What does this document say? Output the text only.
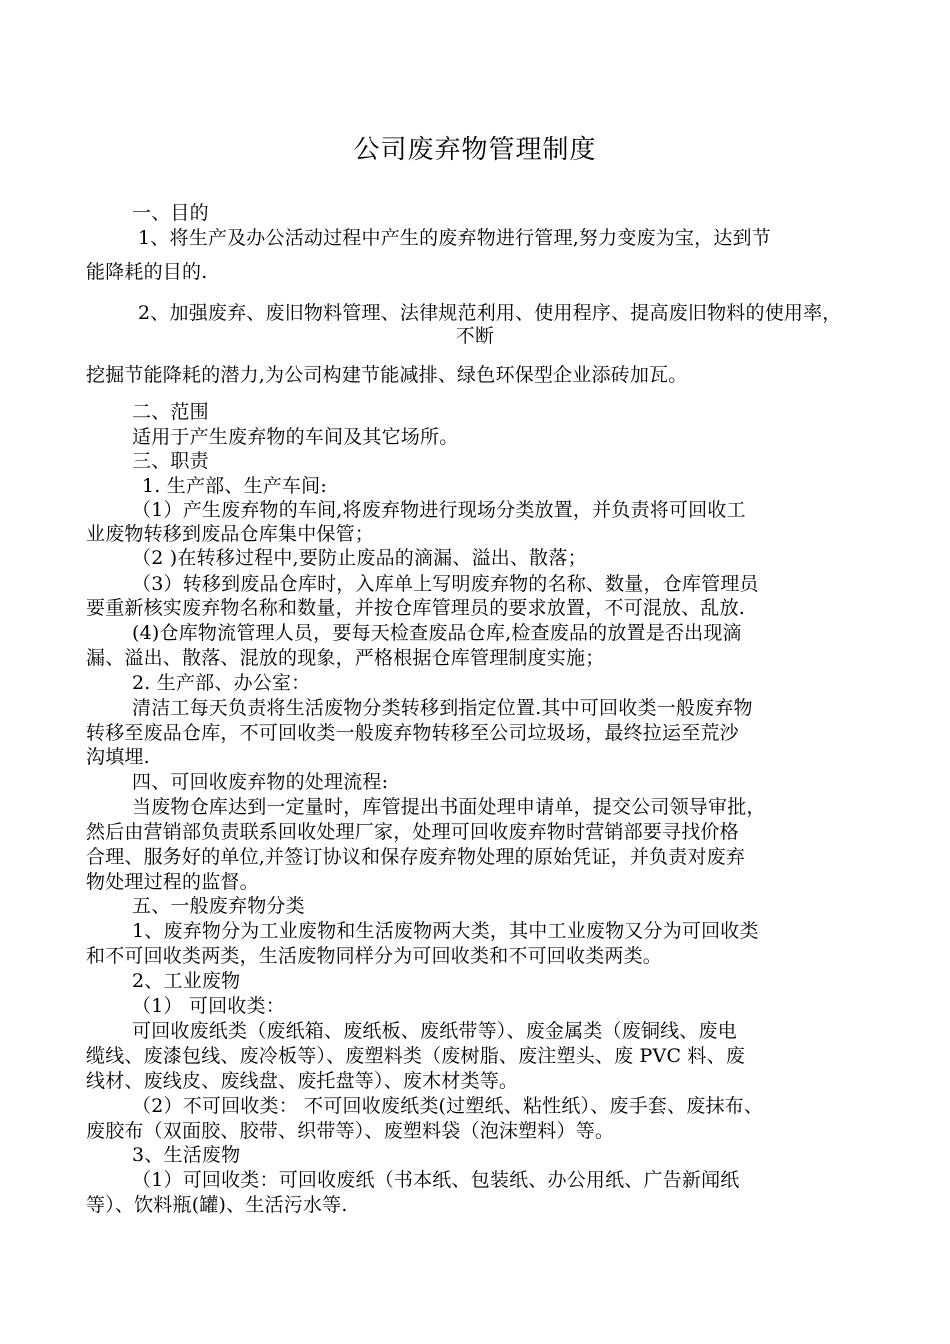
公司废弃物管理制度
一、目的
1、将生产及办公活动过程中产生的废弃物进行管理,努力变废为宝，达到节
能降耗的目的.
2、加强废弃、废旧物料管理、法律规范利用、使用程序、提高废旧物料的使用率，
不断
挖掘节能降耗的潜力,为公司构建节能减排、绿色环保型企业添砖加瓦。
二、范围
适用于产生废弃物的车间及其它场所。
三、职责
1. 生产部、生产车间:
（1）产生废弃物的车间,将废弃物进行现场分类放置，并负责将可回收工
业废物转移到废品仓库集中保管；
（2 )在转移过程中,要防止废品的滴漏、溢出、散落；
（3）转移到废品仓库时，入库单上写明废弃物的名称、数量，仓库管理员
要重新核实废弃物名称和数量，并按仓库管理员的要求放置，不可混放、乱放.
(4)仓库物流管理人员，要每天检查废品仓库,检查废品的放置是否出现滴
漏、溢出、散落、混放的现象，严格根据仓库管理制度实施；
2. 生产部、办公室：
清洁工每天负责将生活废物分类转移到指定位置.其中可回收类一般废弃物
转移至废品仓库，不可回收类一般废弃物转移至公司垃圾场，最终拉运至荒沙
沟填埋.
四、可回收废弃物的处理流程:
当废物仓库达到一定量时，库管提出书面处理申请单，提交公司领导审批，
然后由营销部负责联系回收处理厂家，处理可回收废弃物时营销部要寻找价格
合理、服务好的单位,并签订协议和保存废弃物处理的原始凭证，并负责对废弃
物处理过程的监督。
五、一般废弃物分类
1、废弃物分为工业废物和生活废物两大类，其中工业废物又分为可回收类
和不可回收类两类，生活废物同样分为可回收类和不可回收类两类。
2、工业废物
（1） 可回收类：
可回收废纸类（废纸箱、废纸板、废纸带等）、废金属类（废铜线、废电
缆线、废漆包线、废冷板等）、废塑料类（废树脂、废注塑头、废 PVC 料、废
线材、废线皮、废线盘、废托盘等）、废木材类等。
（2）不可回收类： 不可回收废纸类(过塑纸、粘性纸）、废手套、废抹布、
废胶布（双面胶、胶带、织带等）、废塑料袋（泡沫塑料）等。
3、生活废物
（1）可回收类：可回收废纸（书本纸、包装纸、办公用纸、广告新闻纸
等）、饮料瓶(罐)、生活污水等.
